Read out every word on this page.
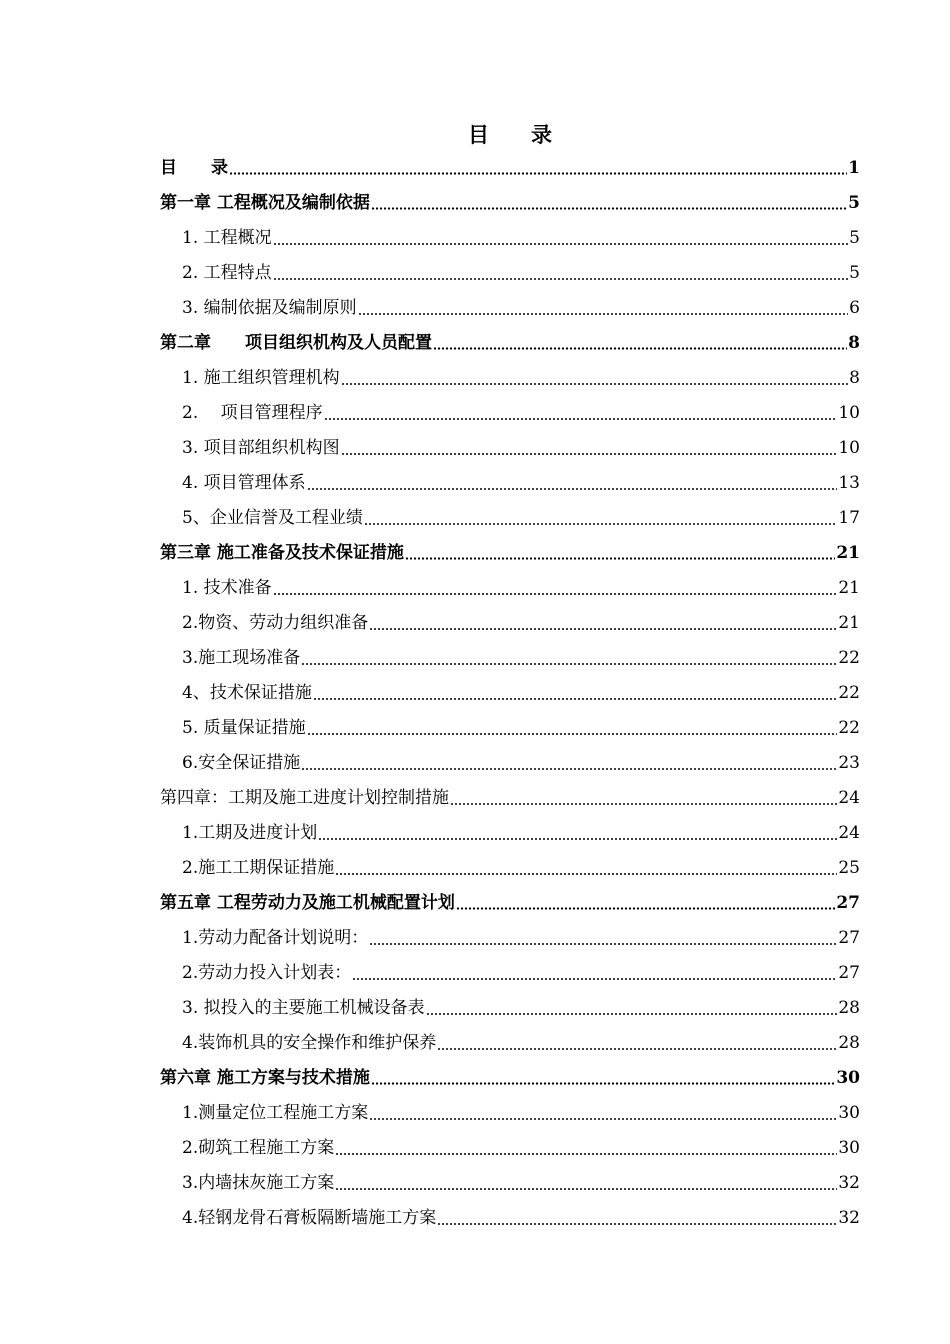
目 录
目　　录	1
第一章 工程概况及编制依据	5
1. 工程概况	5
2. 工程特点	5
3. 编制依据及编制原则	6
第二章　　项目组织机构及人员配置	8
1. 施工组织管理机构	8
2.　 项目管理程序	10
3. 项目部组织机构图	10
4. 项目管理体系	13
5、企业信誉及工程业绩	17
第三章 施工准备及技术保证措施	21
1. 技术准备	21
2.物资、劳动力组织准备	21
3.施工现场准备	22
4、技术保证措施	22
5. 质量保证措施	22
6.安全保证措施	23
第四章：工期及施工进度计划控制措施	24
1.工期及进度计划	24
2.施工工期保证措施	25
第五章 工程劳动力及施工机械配置计划	27
1.劳动力配备计划说明：	27
2.劳动力投入计划表：	27
3. 拟投入的主要施工机械设备表	28
4.装饰机具的安全操作和维护保养	28
第六章 施工方案与技术措施	30
1.测量定位工程施工方案	30
2.砌筑工程施工方案	30
3.内墙抹灰施工方案	32
4.轻钢龙骨石膏板隔断墙施工方案	32
